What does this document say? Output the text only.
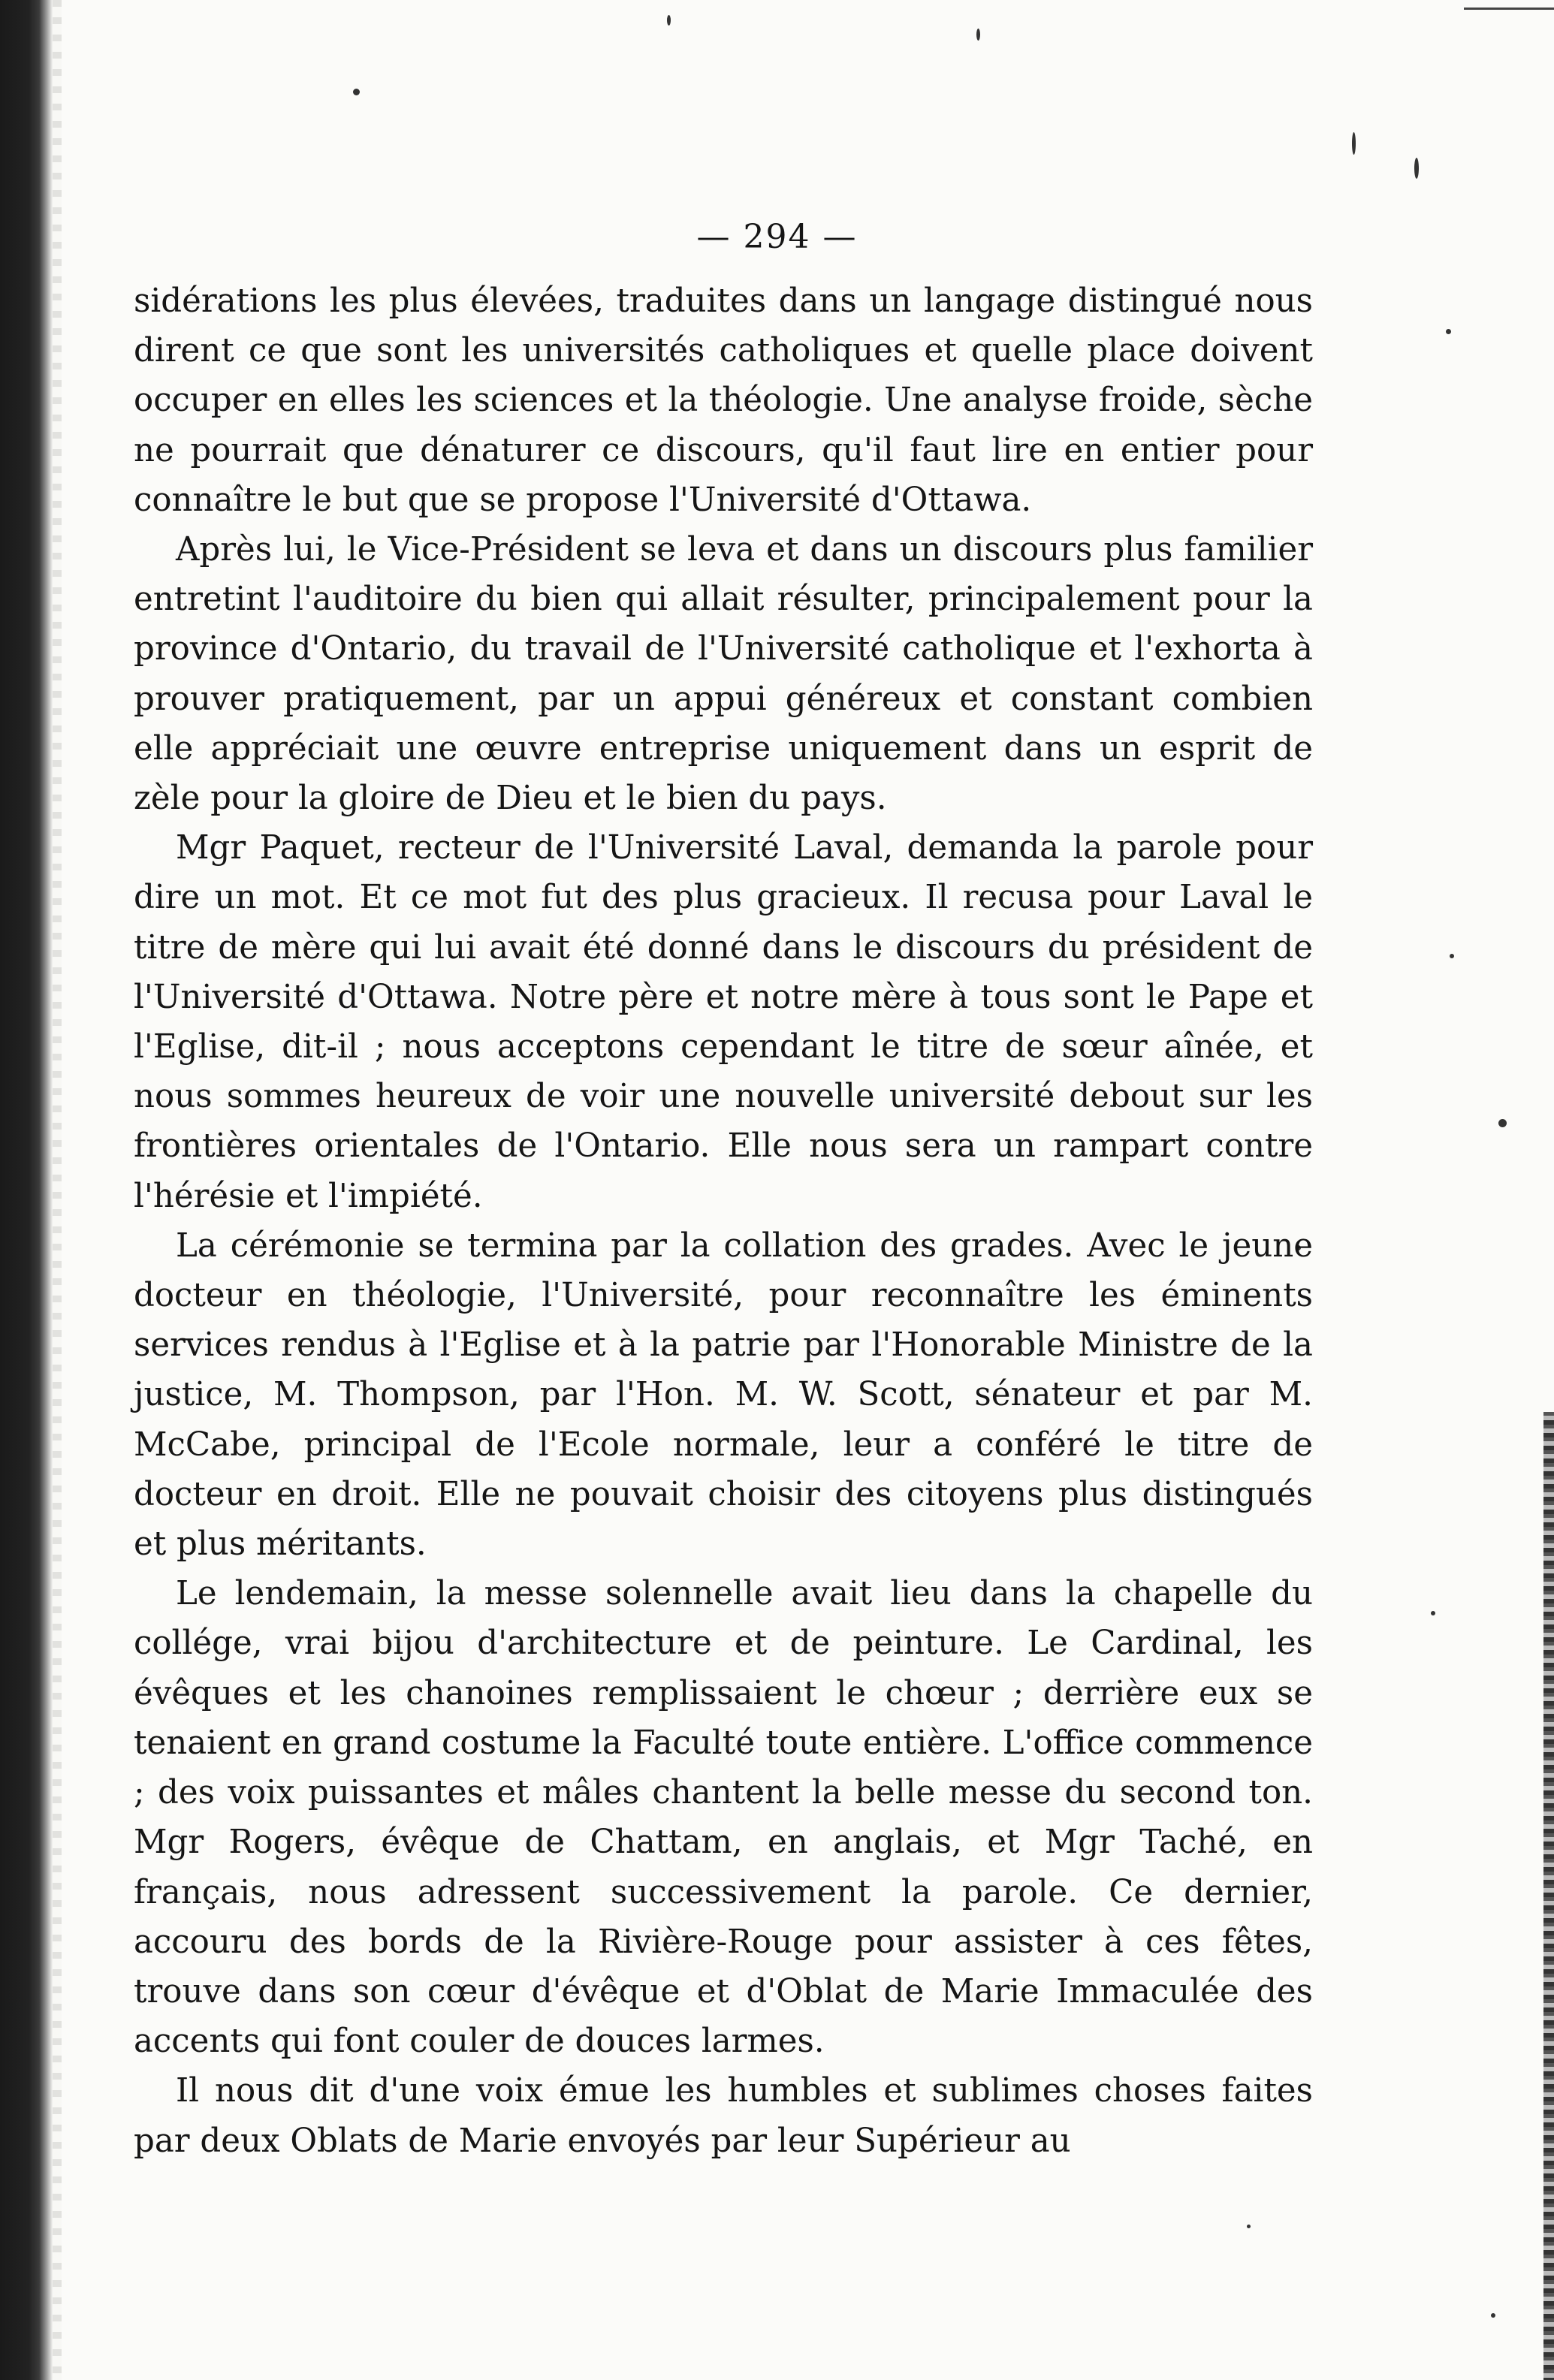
— 294 —

sidérations les plus élevées, traduites dans un langage distingué nous dirent ce que sont les universités catholiques et quelle place doivent occuper en elles les sciences et la théologie. Une analyse froide, sèche ne pourrait que dénaturer ce discours, qu'il faut lire en entier pour connaître le but que se propose l'Université d'Ottawa.

Après lui, le Vice-Président se leva et dans un discours plus familier entretint l'auditoire du bien qui allait résulter, principalement pour la province d'Ontario, du travail de l'Université catholique et l'exhorta à prouver pratiquement, par un appui généreux et constant combien elle appréciait une œuvre entreprise uniquement dans un esprit de zèle pour la gloire de Dieu et le bien du pays.

Mgr Paquet, recteur de l'Université Laval, demanda la parole pour dire un mot. Et ce mot fut des plus gracieux. Il recusa pour Laval le titre de mère qui lui avait été donné dans le discours du président de l'Université d'Ottawa. Notre père et notre mère à tous sont le Pape et l'Eglise, dit-il ; nous acceptons cependant le titre de sœur aînée, et nous sommes heureux de voir une nouvelle université debout sur les frontières orientales de l'Ontario. Elle nous sera un rampart contre l'hérésie et l'impiété.

La cérémonie se termina par la collation des grades. Avec le jeune docteur en théologie, l'Université, pour reconnaître les éminents services rendus à l'Eglise et à la patrie par l'Honorable Ministre de la justice, M. Thompson, par l'Hon. M. W. Scott, sénateur et par M. McCabe, principal de l'Ecole normale, leur a conféré le titre de docteur en droit. Elle ne pouvait choisir des citoyens plus distingués et plus méritants.

Le lendemain, la messe solennelle avait lieu dans la chapelle du collége, vrai bijou d'architecture et de peinture. Le Cardinal, les évêques et les chanoines remplissaient le chœur ; derrière eux se tenaient en grand costume la Faculté toute entière. L'office commence ; des voix puissantes et mâles chantent la belle messe du second ton. Mgr Rogers, évêque de Chattam, en anglais, et Mgr Taché, en français, nous adressent successivement la parole. Ce dernier, accouru des bords de la Rivière-Rouge pour assister à ces fêtes, trouve dans son cœur d'évêque et d'Oblat de Marie Immaculée des accents qui font couler de douces larmes.

Il nous dit d'une voix émue les humbles et sublimes choses faites par deux Oblats de Marie envoyés par leur Supérieur au
